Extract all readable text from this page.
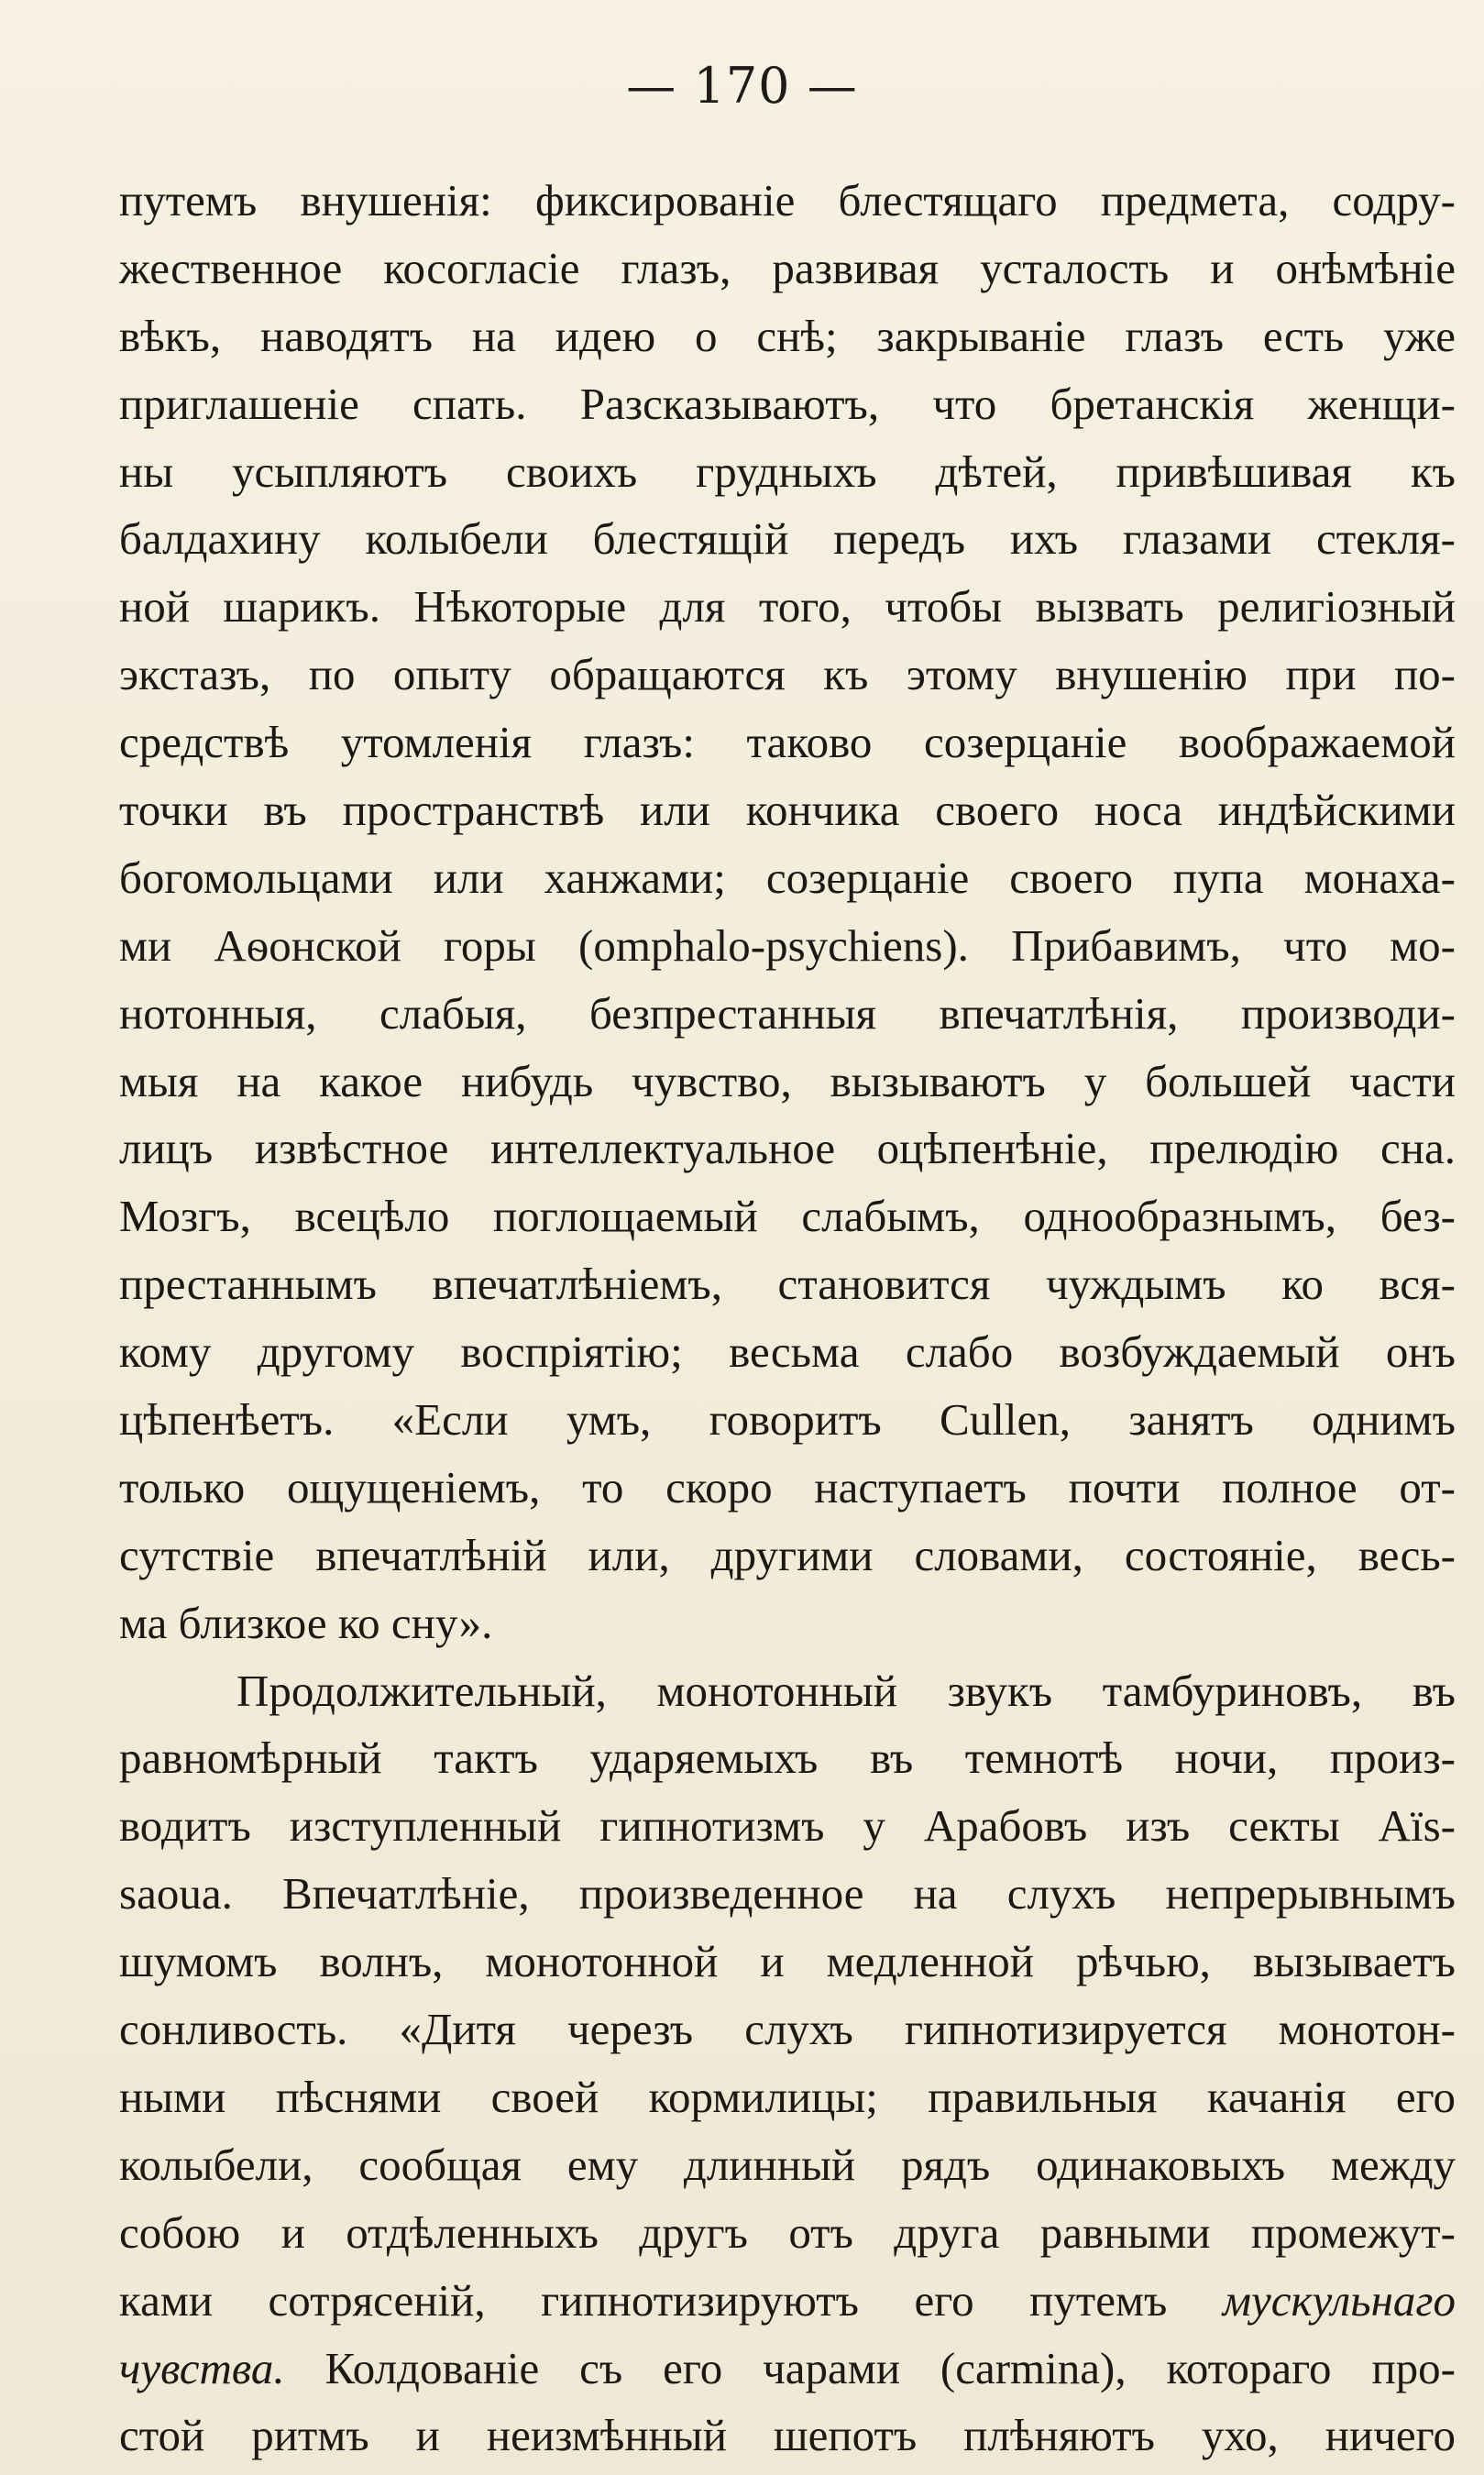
— 170 —
путемъ внушенія: фиксированіе блестящаго предмета, содру-
жественное косогласіе глазъ, развивая усталость и онѣмѣніе
вѣкъ, наводятъ на идею о снѣ; закрываніе глазъ есть уже
приглашеніе спать. Разсказываютъ, что бретанскія женщи-
ны усыпляютъ своихъ грудныхъ дѣтей, привѣшивая къ
балдахину колыбели блестящій передъ ихъ глазами стекля-
ной шарикъ. Нѣкоторые для того, чтобы вызвать религіозный
экстазъ, по опыту обращаются къ этому внушенію при по-
средствѣ утомленія глазъ: таково созерцаніе воображаемой
точки въ пространствѣ или кончика своего носа индѣйскими
богомольцами или ханжами; созерцаніе своего пупа монаха-
ми Аѳонской горы (omphalo-psychiens). Прибавимъ, что мо-
нотонныя, слабыя, безпрестанныя впечатлѣнія, производи-
мыя на какое нибудь чувство, вызываютъ у большей части
лицъ извѣстное интеллектуальное оцѣпенѣніе, прелюдію сна.
Мозгъ, всецѣло поглощаемый слабымъ, однообразнымъ, без-
престаннымъ впечатлѣніемъ, становится чуждымъ ко вся-
кому другому воспріятію; весьма слабо возбуждаемый онъ
цѣпенѣетъ. «Если умъ, говоритъ Cullen, занятъ однимъ
только ощущеніемъ, то скоро наступаетъ почти полное от-
сутствіе впечатлѣній или, другими словами, состояніе, весь-
ма близкое ко сну».
Продолжительный, монотонный звукъ тамбуриновъ, въ
равномѣрный тактъ ударяемыхъ въ темнотѣ ночи, произ-
водитъ изступленный гипнотизмъ у Арабовъ изъ секты Aïs-
saoua. Впечатлѣніе, произведенное на слухъ непрерывнымъ
шумомъ волнъ, монотонной и медленной рѣчью, вызываетъ
сонливость. «Дитя черезъ слухъ гипнотизируется монотон-
ными пѣснями своей кормилицы; правильныя качанія его
колыбели, сообщая ему длинный рядъ одинаковыхъ между
собою и отдѣленныхъ другъ отъ друга равными промежут-
ками сотрясеній, гипнотизируютъ его путемъ мускульнаго
чувства. Колдованіе съ его чарами (carmina), котораго про-
стой ритмъ и неизмѣнный шепотъ плѣняютъ ухо, ничего
